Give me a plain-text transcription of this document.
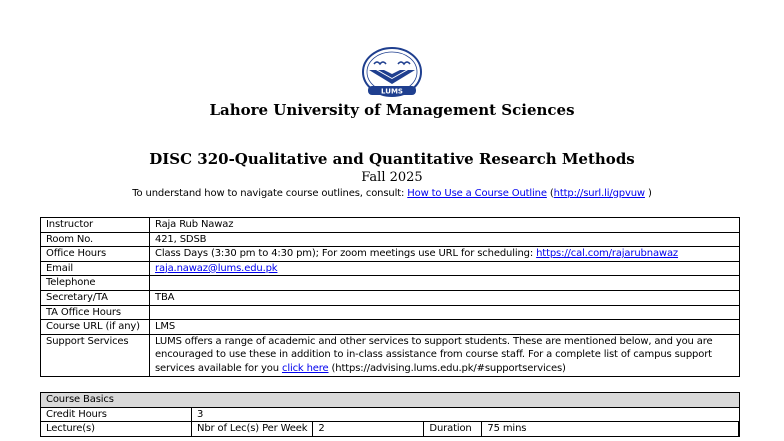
LUMS
Lahore University of Management Sciences
DISC 320-Qualitative and Quantitative Research Methods
Fall 2025
To understand how to navigate course outlines, consult: How to Use a Course Outline (http://surl.li/gpvuw )
Instructor	Raja Rub Nawaz
Room No.	421, SDSB
Office Hours	Class Days (3:30 pm to 4:30 pm); For zoom meetings use URL for scheduling: https://cal.com/rajarubnawaz
Email	raja.nawaz@lums.edu.pk
Telephone	
Secretary/TA	TBA
TA Office Hours	
Course URL (if any)	LMS
Support Services	LUMS offers a range of academic and other services to support students. These are mentioned below, and you are encouraged to use these in addition to in-class assistance from course staff. For a complete list of campus support services available for you click here (https://advising.lums.edu.pk/#supportservices)
Course Basics					
Credit Hours	3				
Lecture(s)	Nbr of Lec(s) Per Week	2	Duration	75 mins	
